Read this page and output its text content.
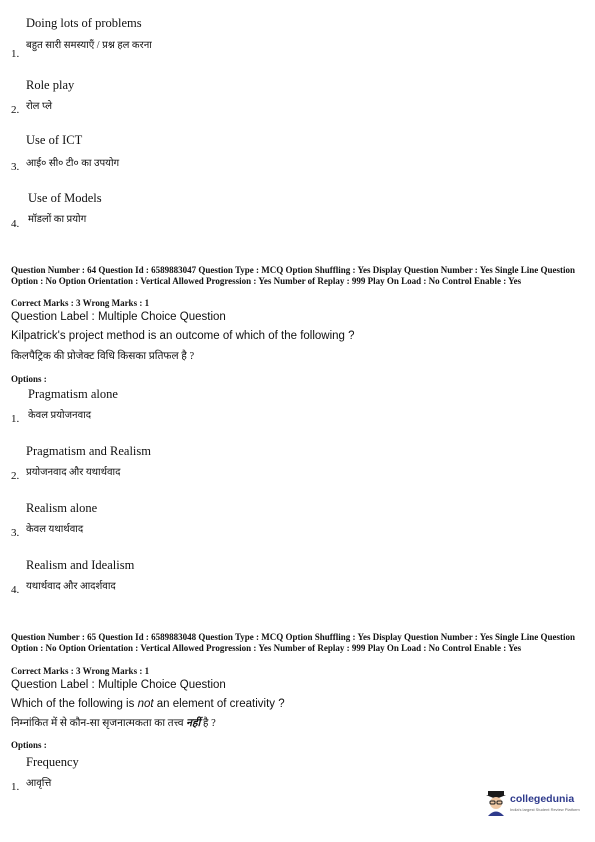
Doing lots of problems
बहुत सारी समस्याएँ / प्रश्न हल करना
1.
Role play
रोल प्ले
2.
Use of ICT
आई० सी० टी० का उपयोग
3.
Use of Models
मॉडलों का प्रयोग
4.
Question Number : 64 Question Id : 6589883047 Question Type : MCQ Option Shuffling : Yes Display Question Number : Yes Single Line Question Option : No Option Orientation : Vertical Allowed Progression : Yes Number of Replay : 999 Play On Load : No Control Enable : Yes
Correct Marks : 3 Wrong Marks : 1
Question Label : Multiple Choice Question
Kilpatrick's project method is an outcome of which of the following ?
किलपैट्रिक की प्रोजेक्ट विधि किसका प्रतिफल है ?
Options :
Pragmatism alone
केवल प्रयोजनवाद
1.
Pragmatism and Realism
प्रयोजनवाद और यथार्थवाद
2.
Realism alone
केवल यथार्थवाद
3.
Realism and Idealism
यथार्थवाद और आदर्शवाद
4.
Question Number : 65 Question Id : 6589883048 Question Type : MCQ Option Shuffling : Yes Display Question Number : Yes Single Line Question Option : No Option Orientation : Vertical Allowed Progression : Yes Number of Replay : 999 Play On Load : No Control Enable : Yes
Correct Marks : 3 Wrong Marks : 1
Question Label : Multiple Choice Question
Which of the following is not an element of creativity ?
निम्नांकित में से कौन-सा सृजनात्मकता का तत्त्व नहीं है ?
Options :
Frequency
आवृत्ति
1.
collegedunia
India's largest Student Review Platform
